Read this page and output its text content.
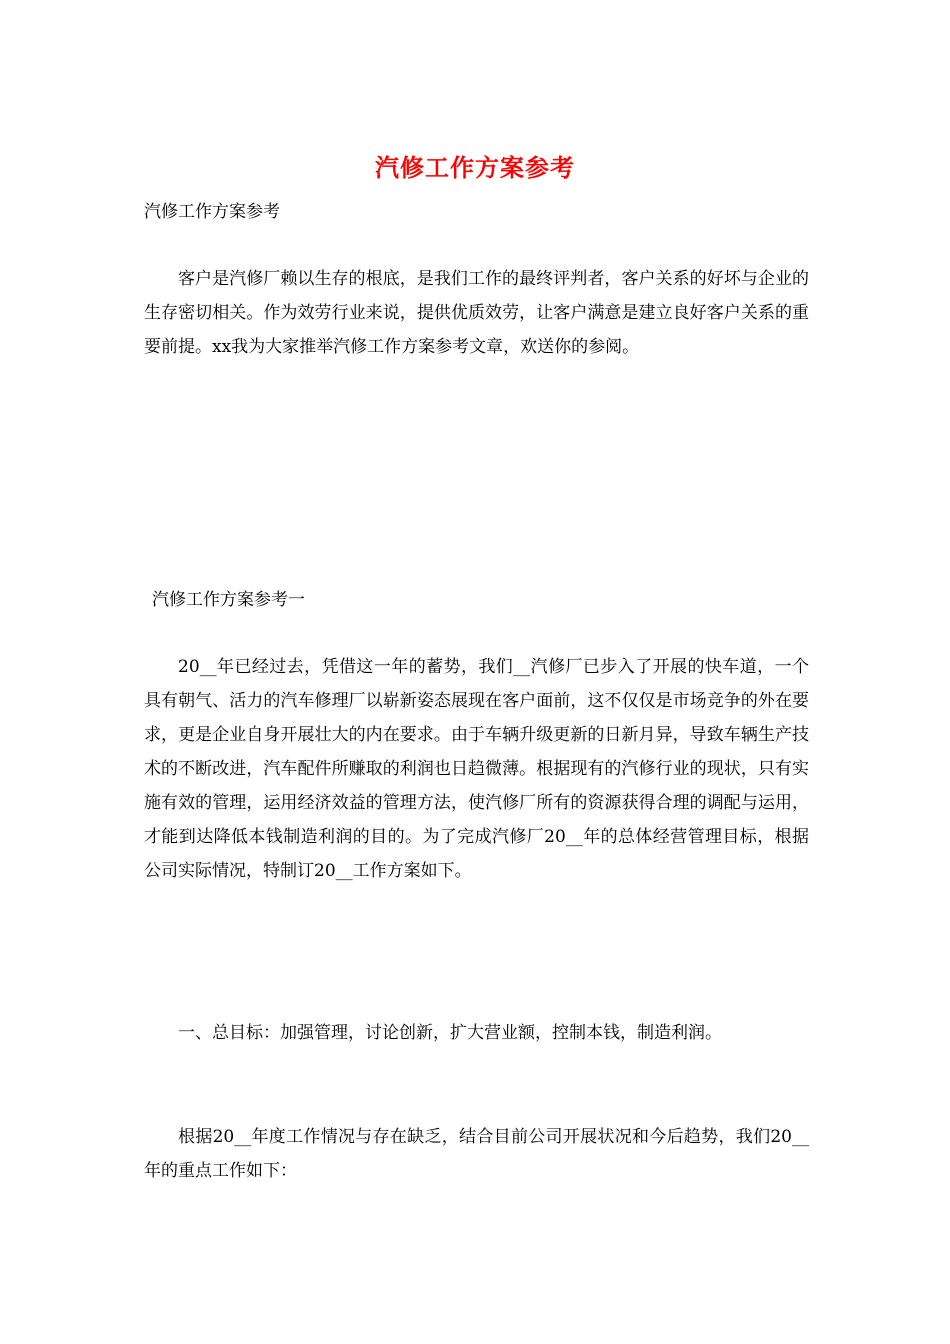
汽修工作方案参考
汽修工作方案参考

客户是汽修厂赖以生存的根底，是我们工作的最终评判者，客户关系的好坏与企业的生存密切相关。作为效劳行业来说，提供优质效劳，让客户满意是建立良好客户关系的重要前提。xx我为大家推举汽修工作方案参考文章，欢送你的参阅。

汽修工作方案参考一

20__年已经过去，凭借这一年的蓄势，我们__汽修厂已步入了开展的快车道，一个具有朝气、活力的汽车修理厂以崭新姿态展现在客户面前，这不仅仅是市场竞争的外在要求，更是企业自身开展壮大的内在要求。由于车辆升级更新的日新月异，导致车辆生产技术的不断改进，汽车配件所赚取的利润也日趋微薄。根据现有的汽修行业的现状，只有实施有效的管理，运用经济效益的管理方法，使汽修厂所有的资源获得合理的调配与运用，才能到达降低本钱制造利润的目的。为了完成汽修厂20__年的总体经营管理目标，根据公司实际情况，特制订20__工作方案如下。

一、总目标：加强管理，讨论创新，扩大营业额，控制本钱，制造利润。

根据20__年度工作情况与存在缺乏，结合目前公司开展状况和今后趋势，我们20__年的重点工作如下：
